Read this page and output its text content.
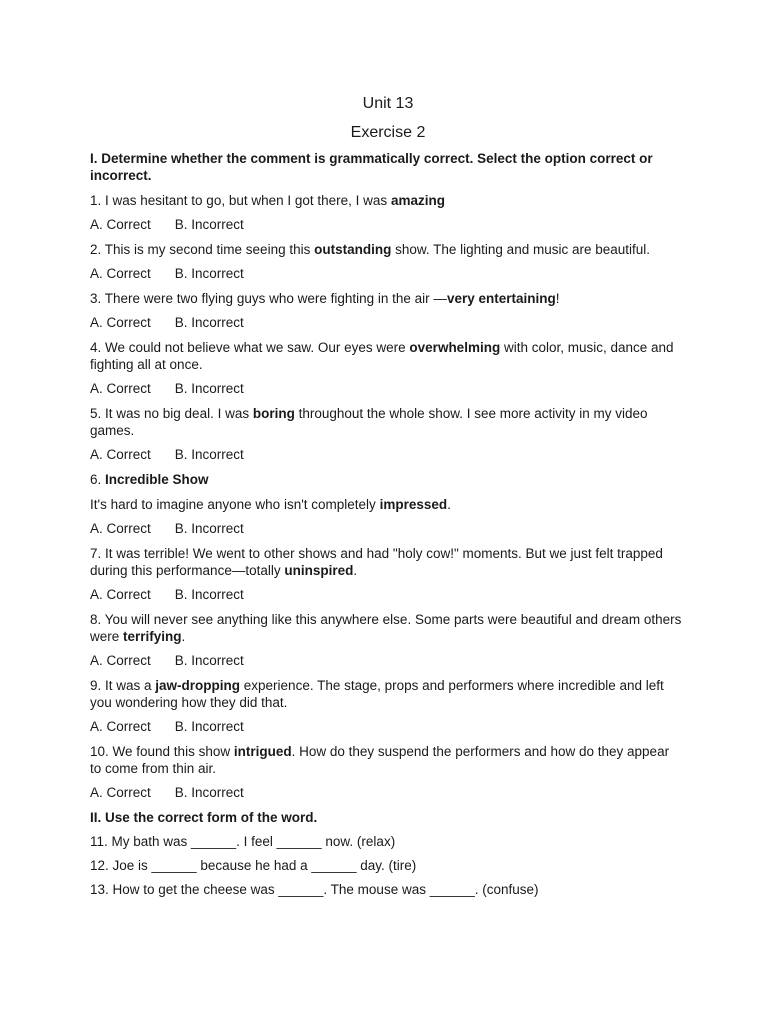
Unit 13
Exercise 2
I. Determine whether the comment is grammatically correct. Select the option correct or incorrect.
1. I was hesitant to go, but when I got there, I was amazing
A. Correct B. Incorrect
2. This is my second time seeing this outstanding show. The lighting and music are beautiful.
A. Correct B. Incorrect
3. There were two flying guys who were fighting in the air —very entertaining!
A. Correct B. Incorrect
4. We could not believe what we saw. Our eyes were overwhelming with color, music, dance and fighting all at once.
A. Correct B. Incorrect
5. It was no big deal. I was boring throughout the whole show. I see more activity in my video games.
A. Correct B. Incorrect
6. Incredible Show
It's hard to imagine anyone who isn't completely impressed.
A. Correct B. Incorrect
7. It was terrible! We went to other shows and had "holy cow!" moments. But we just felt trapped during this performance—totally uninspired.
A. Correct B. Incorrect
8. You will never see anything like this anywhere else. Some parts were beautiful and dream others were terrifying.
A. Correct B. Incorrect
9. It was a jaw-dropping experience. The stage, props and performers where incredible and left you wondering how they did that.
A. Correct B. Incorrect
10. We found this show intrigued. How do they suspend the performers and how do they appear to come from thin air.
A. Correct B. Incorrect
II. Use the correct form of the word.
11. My bath was ______. I feel ______ now. (relax)
12. Joe is ______ because he had a ______ day. (tire)
13. How to get the cheese was ______. The mouse was ______. (confuse)
